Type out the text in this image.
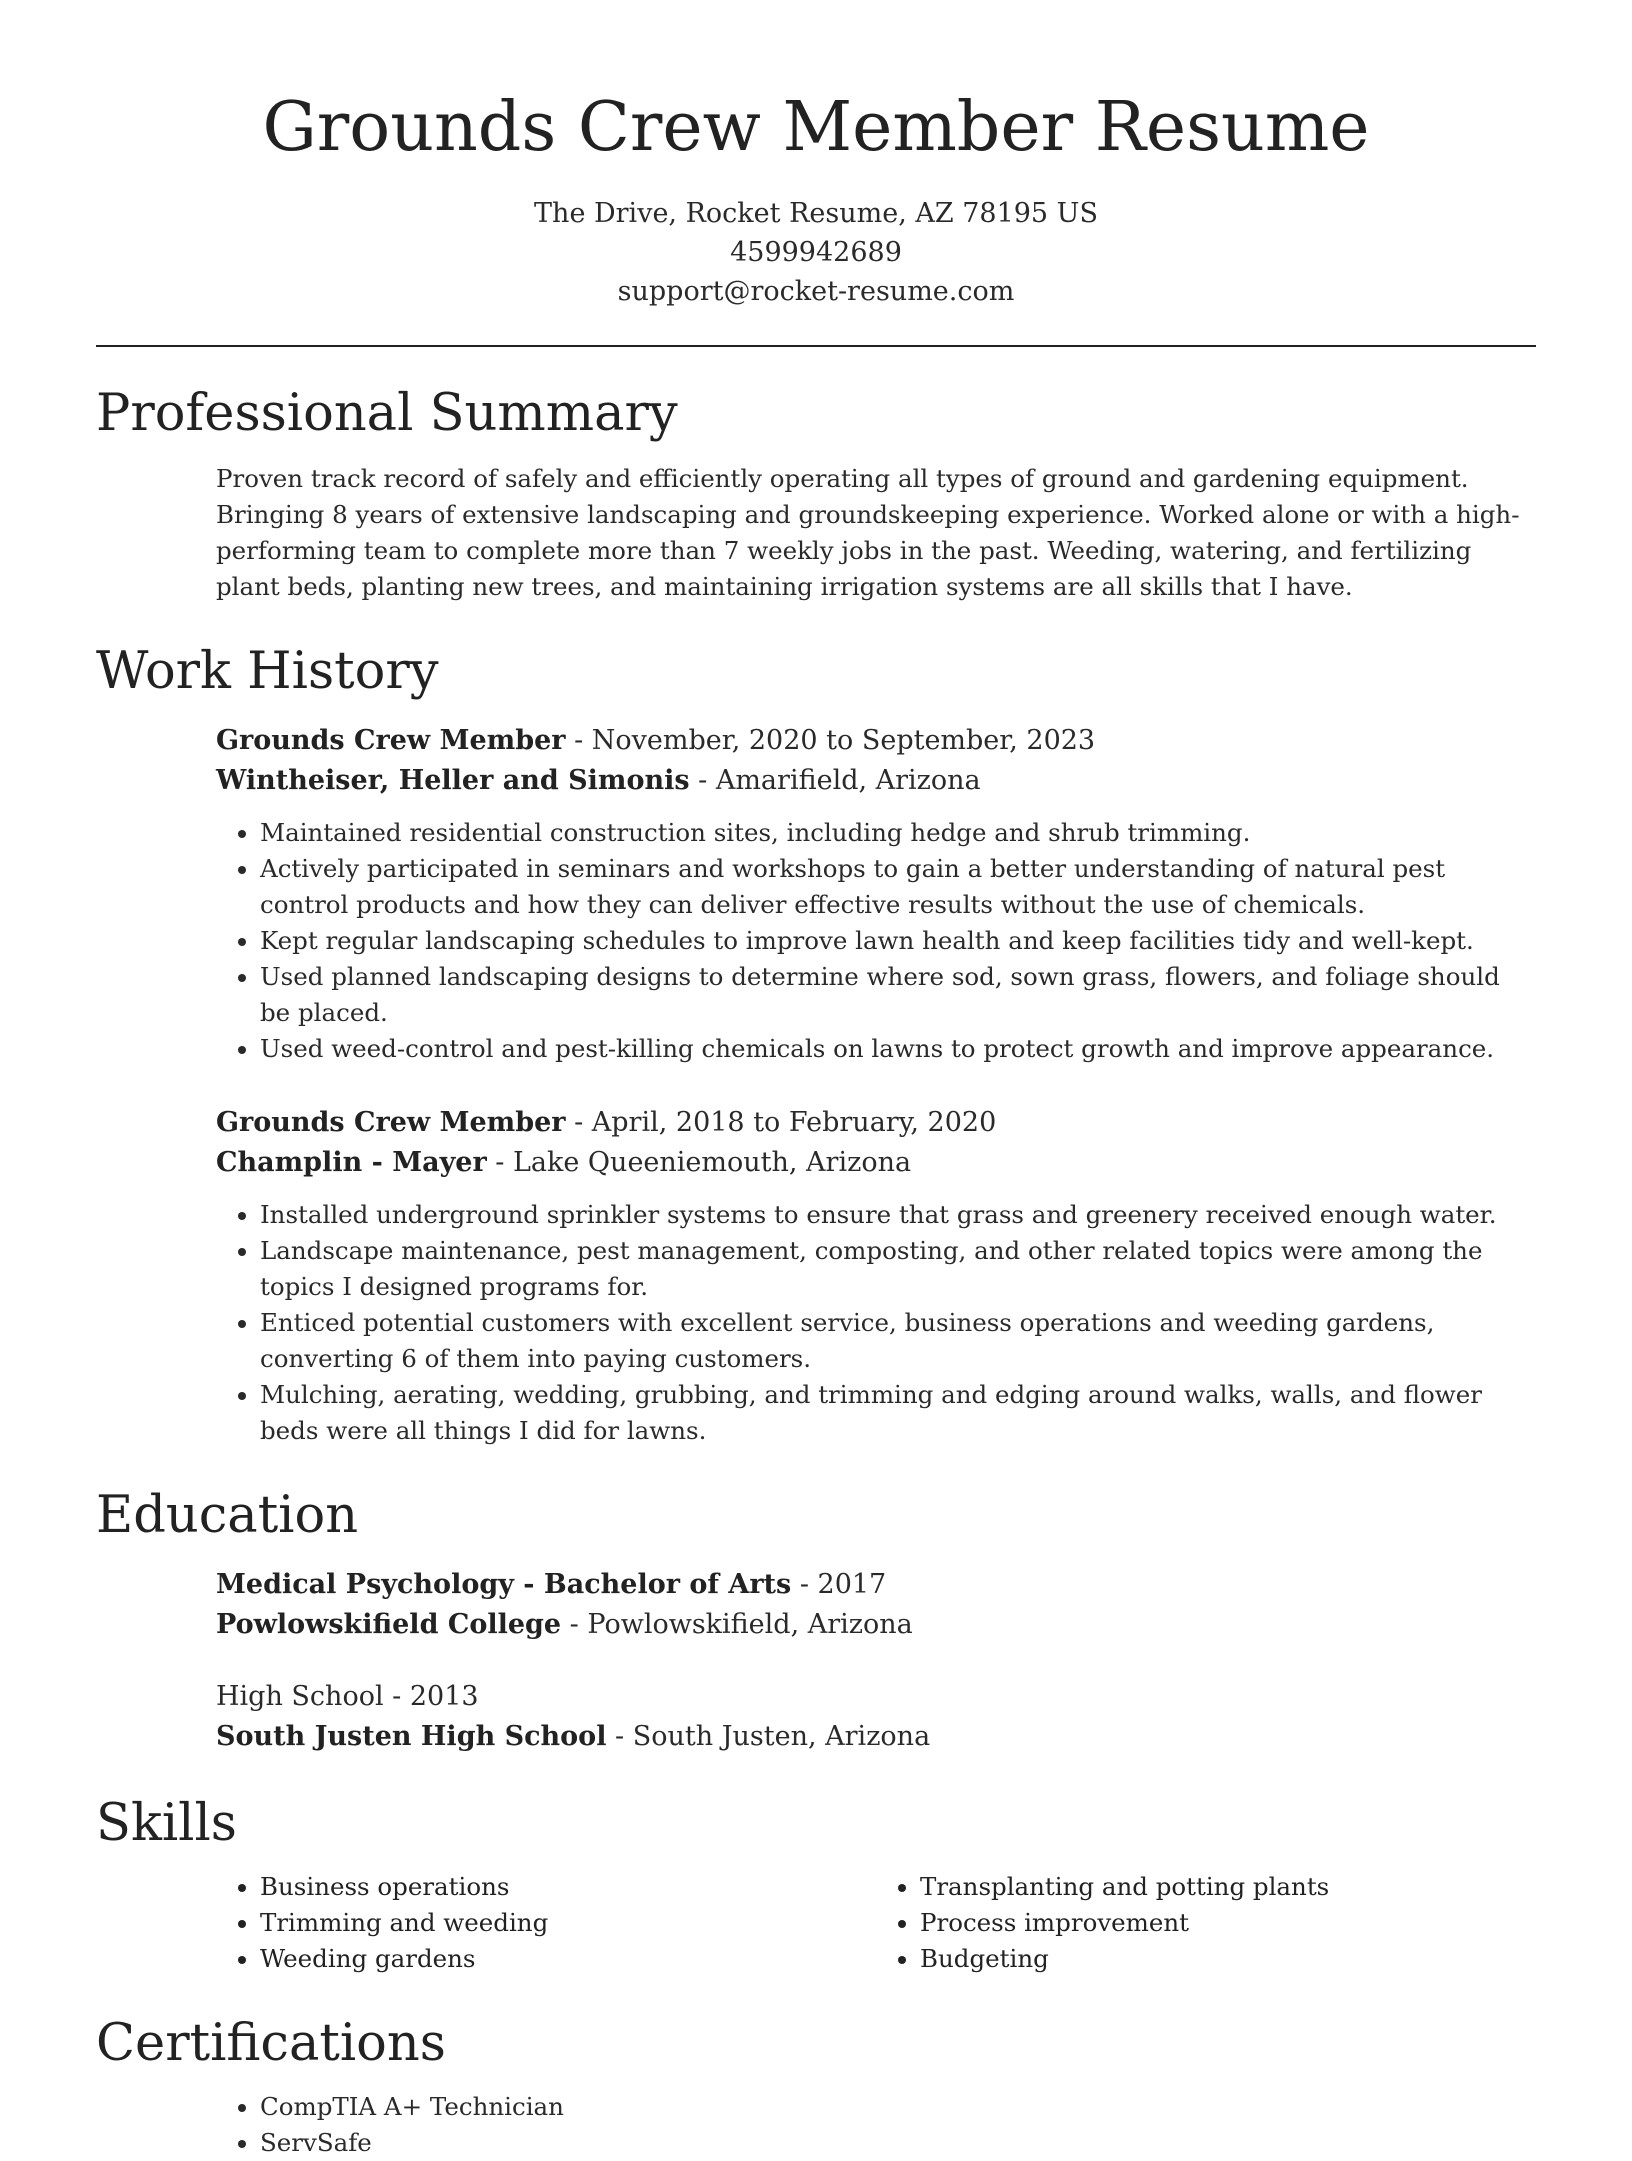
Grounds Crew Member Resume
The Drive, Rocket Resume, AZ 78195 US
4599942689
support@rocket-resume.com
Professional Summary
Proven track record of safely and efficiently operating all types of ground and gardening equipment. Bringing 8 years of extensive landscaping and groundskeeping experience. Worked alone or with a high-performing team to complete more than 7 weekly jobs in the past. Weeding, watering, and fertilizing plant beds, planting new trees, and maintaining irrigation systems are all skills that I have.
Work History
Grounds Crew Member - November, 2020 to September, 2023
Wintheiser, Heller and Simonis - Amarifield, Arizona
• Maintained residential construction sites, including hedge and shrub trimming.
• Actively participated in seminars and workshops to gain a better understanding of natural pest control products and how they can deliver effective results without the use of chemicals.
• Kept regular landscaping schedules to improve lawn health and keep facilities tidy and well-kept.
• Used planned landscaping designs to determine where sod, sown grass, flowers, and foliage should be placed.
• Used weed-control and pest-killing chemicals on lawns to protect growth and improve appearance.
Grounds Crew Member - April, 2018 to February, 2020
Champlin - Mayer - Lake Queeniemouth, Arizona
• Installed underground sprinkler systems to ensure that grass and greenery received enough water.
• Landscape maintenance, pest management, composting, and other related topics were among the topics I designed programs for.
• Enticed potential customers with excellent service, business operations and weeding gardens, converting 6 of them into paying customers.
• Mulching, aerating, wedding, grubbing, and trimming and edging around walks, walls, and flower beds were all things I did for lawns.
Education
Medical Psychology - Bachelor of Arts - 2017
Powlowskifield College - Powlowskifield, Arizona
High School - 2013
South Justen High School - South Justen, Arizona
Skills
• Business operations
• Trimming and weeding
• Weeding gardens
• Transplanting and potting plants
• Process improvement
• Budgeting
Certifications
• CompTIA A+ Technician
• ServSafe
